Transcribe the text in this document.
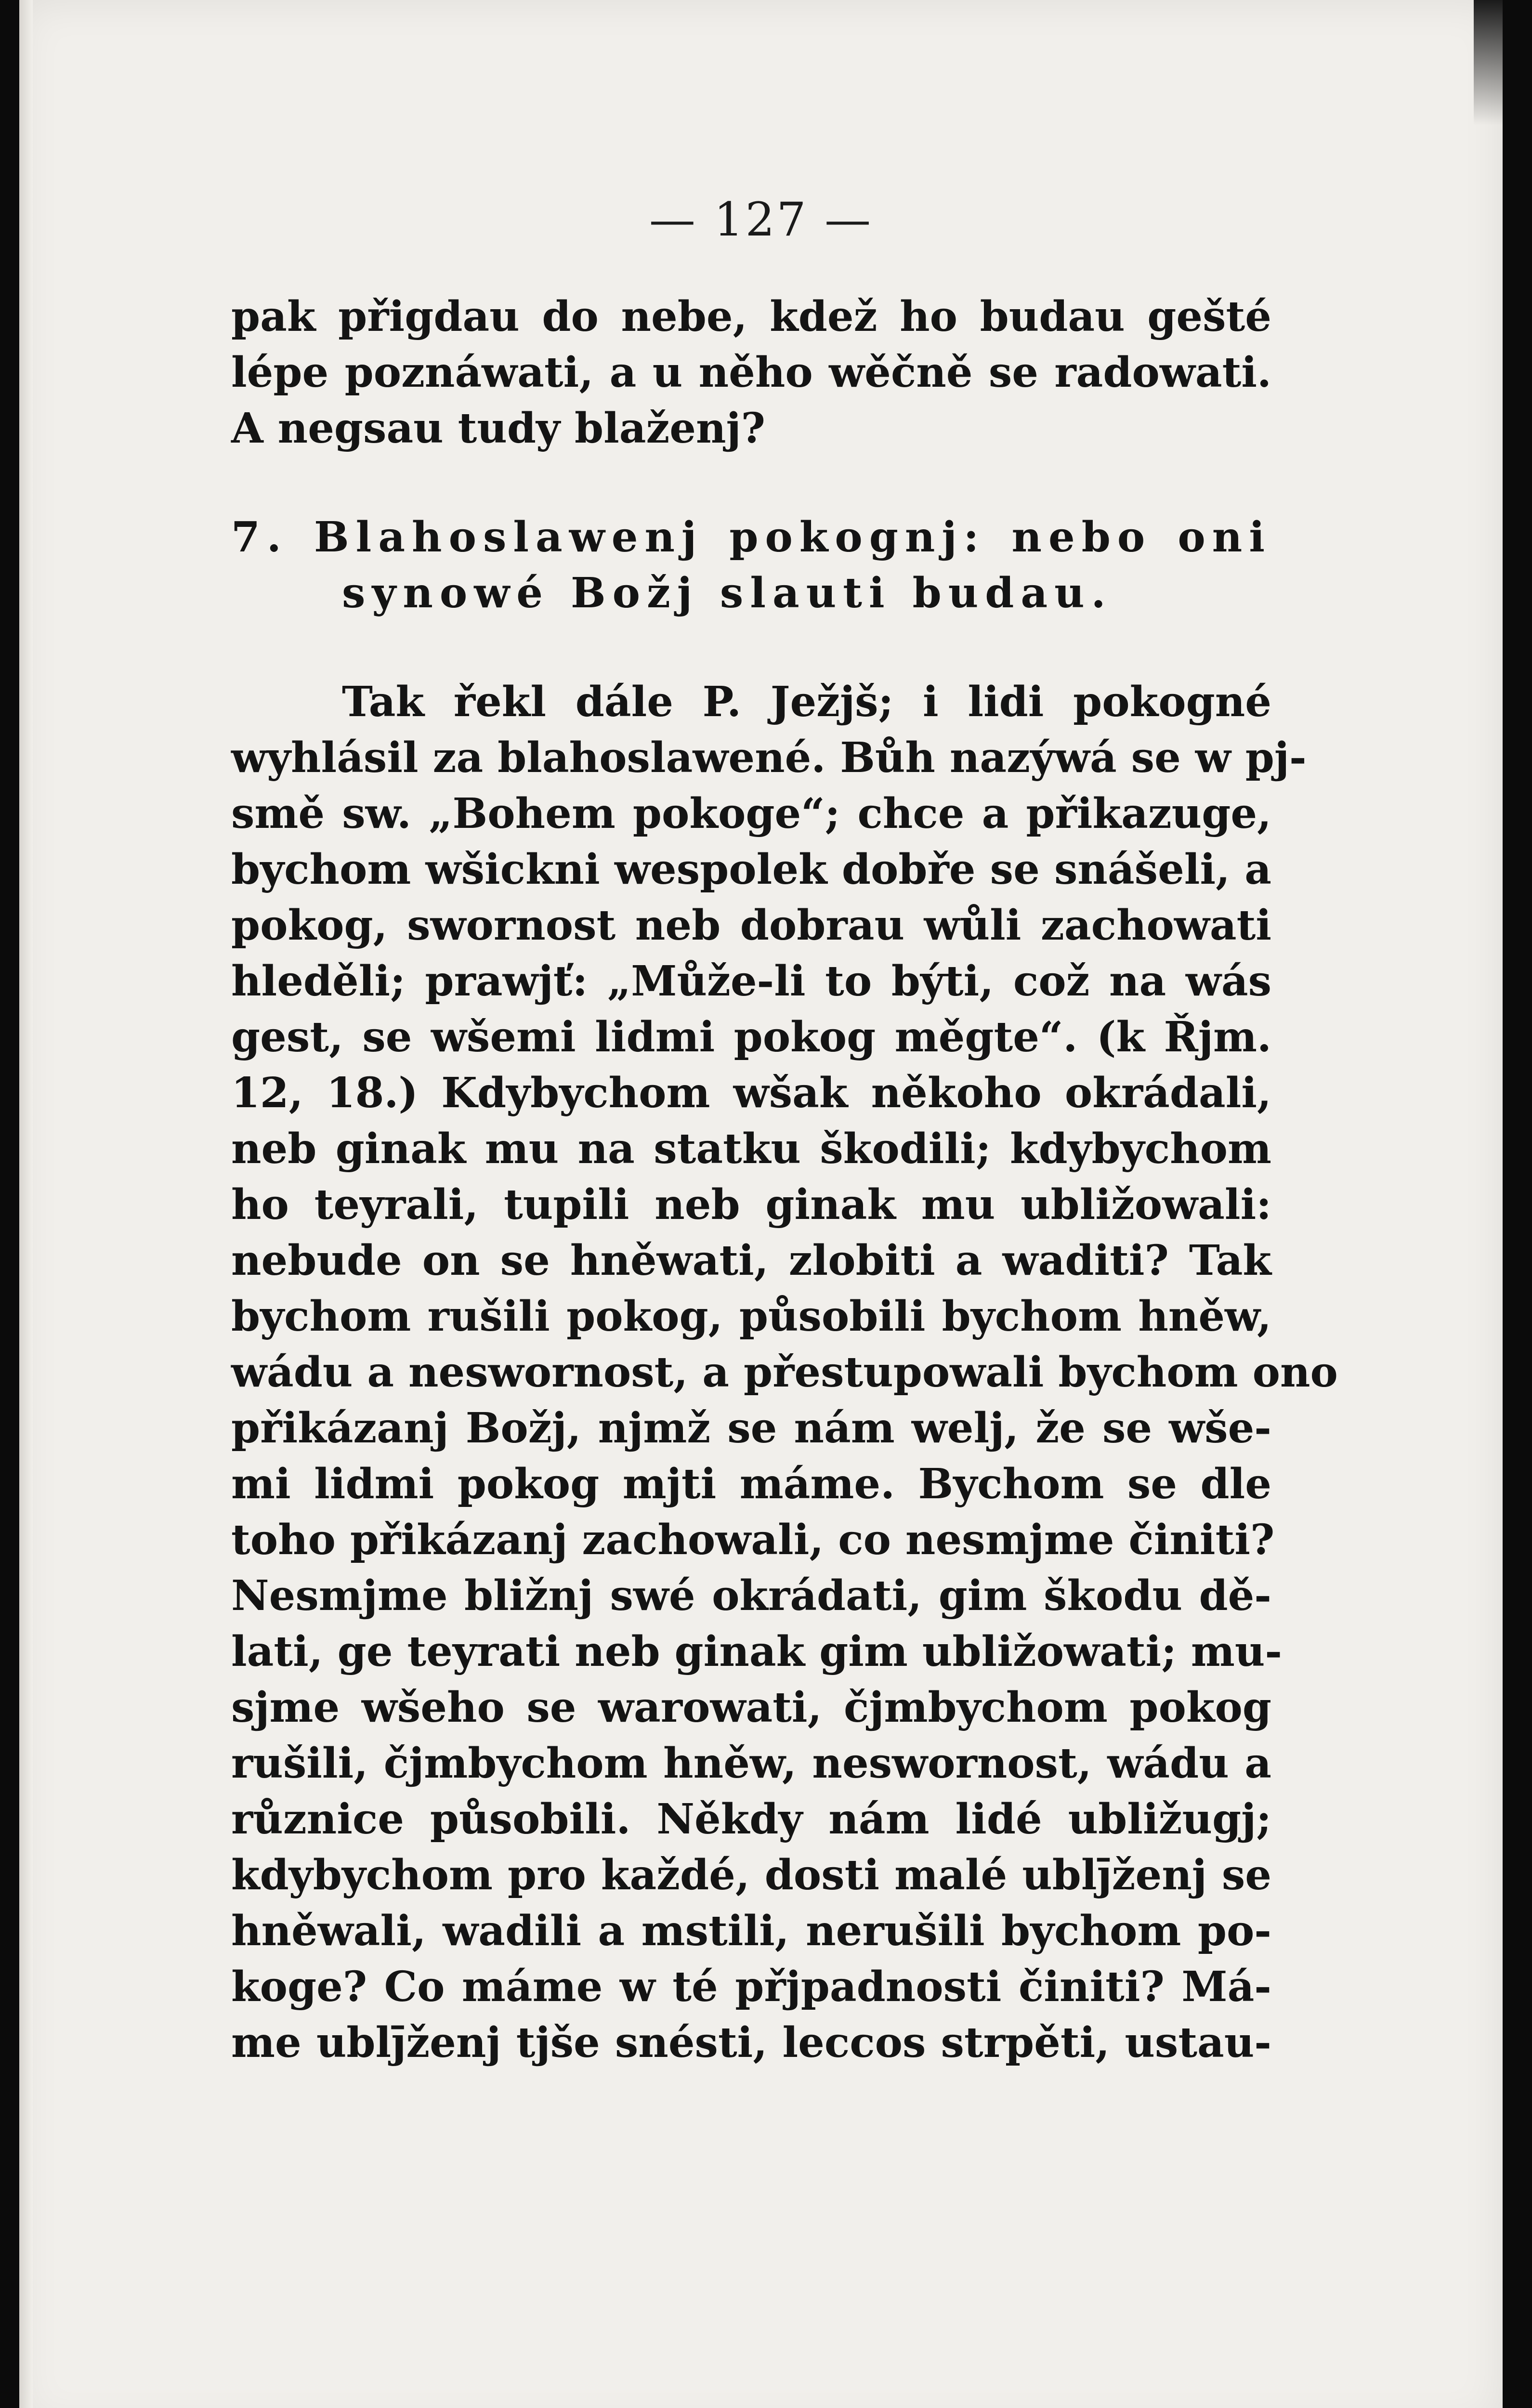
— 127 —
pak přigdau do nebe, kdež ho budau gešté
lépe poznáwati, a u něho wěčně se radowati.
A negsau tudy blaženj?
7. Blahoslawenj pokognj: nebo oni
synowé Božj slauti budau.
Tak řekl dále P. Ježjš; i lidi pokogné
wyhlásil za blahoslawené. Bůh nazýwá se w pj-
smě sw. „Bohem pokoge“; chce a přikazuge,
bychom wšickni wespolek dobře se snášeli, a
pokog, swornost neb dobrau wůli zachowati
hleděli; prawjť: „Může-li to býti, což na wás
gest, se wšemi lidmi pokog měgte“. (k Řjm.
12, 18.) Kdybychom wšak někoho okrádali,
neb ginak mu na statku škodili; kdybychom
ho teyrali, tupili neb ginak mu ubližowali:
nebude on se hněwati, zlobiti a waditi? Tak
bychom rušili pokog, působili bychom hněw,
wádu a neswornost, a přestupowali bychom ono
přikázanj Božj, njmž se nám welj, že se wše-
mi lidmi pokog mjti máme. Bychom se dle
toho přikázanj zachowali, co nesmjme činiti?
Nesmjme bližnj swé okrádati, gim škodu dě-
lati, ge teyrati neb ginak gim ubližowati; mu-
sjme wšeho se warowati, čjmbychom pokog
rušili, čjmbychom hněw, neswornost, wádu a
různice působili. Někdy nám lidé ubližugj;
kdybychom pro každé, dosti malé ublj̄ženj se
hněwali, wadili a mstili, nerušili bychom po-
koge? Co máme w té přjpadnosti činiti? Má-
me ublj̄ženj tjše snésti, leccos strpěti, ustau-
